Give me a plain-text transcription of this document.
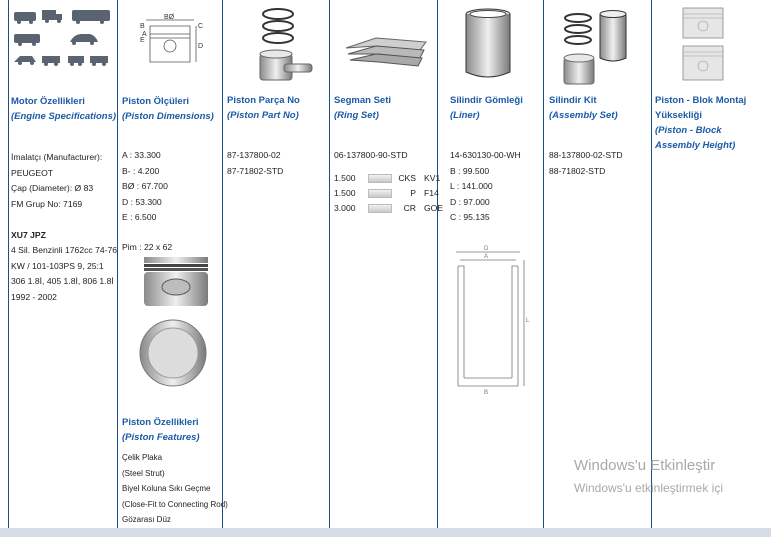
Motor Özellikleri
(Engine Specifications)
İmalatçı (Manufacturer):
PEUGEOT
Çap (Diameter): Ø 83
FM Grup No: 7169
XU7 JPZ
4 Sil. Benzinli 1762cc 74-76
KW / 101-103PS 9, 25:1
306 1.8İ, 405 1.8İ, 806 1.8İ
1992 - 2002
BØ
B	C
D
E
A
Piston Ölçüleri
(Piston Dimensions)
A : 33.300
B- : 4.200
BØ : 67.700
D : 53.300
E : 6.500
Pim : 22 x 62
Piston Özellikleri
(Piston Features)
Çelik Plaka
(Steel Strut)
Biyel Koluna Sıkı Geçme
(Close-Fit to Connecting Rod)
Gözarası Düz
Piston Parça No
(Piston Part No)
87-137800-02
87-71802-STD
Segman Seti
(Ring Set)
06-137800-90-STD
1.500	CKS KV1
1.500	P F14
3.000	CR GOE
Silindir Gömleği
(Liner)
14-630130-00-WH
B : 99.500
L : 141.000
D : 97.000
C : 95.135
D
A
L
B
Silindir Kit
(Assembly Set)
88-137800-02-STD
88-71802-STD
Piston - Blok Montaj
Yüksekliği
(Piston - Block
Assembly Height)
Windows'u Etkinleştir
Windows'u etkinleştirmek içi
